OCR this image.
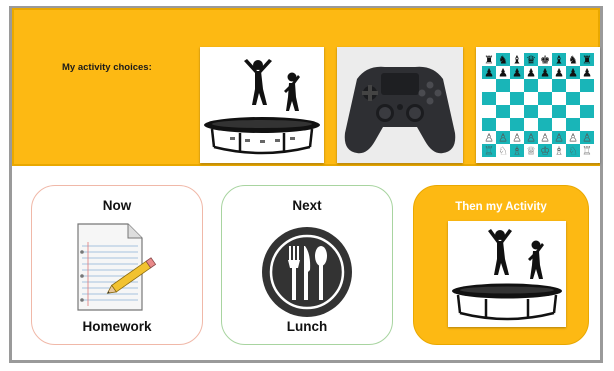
My activity choices:
♜ ♞ ♝ ♛ ♚ ♝ ♞ ♜
♟ ♟ ♟ ♟ ♟ ♟ ♟ ♟
♙ ♙ ♙ ♙ ♙ ♙ ♙ ♙
♖ ♘ ♗ ♕ ♔ ♗ ♘ ♖
Now
Homework
Next
Lunch
Then my Activity
